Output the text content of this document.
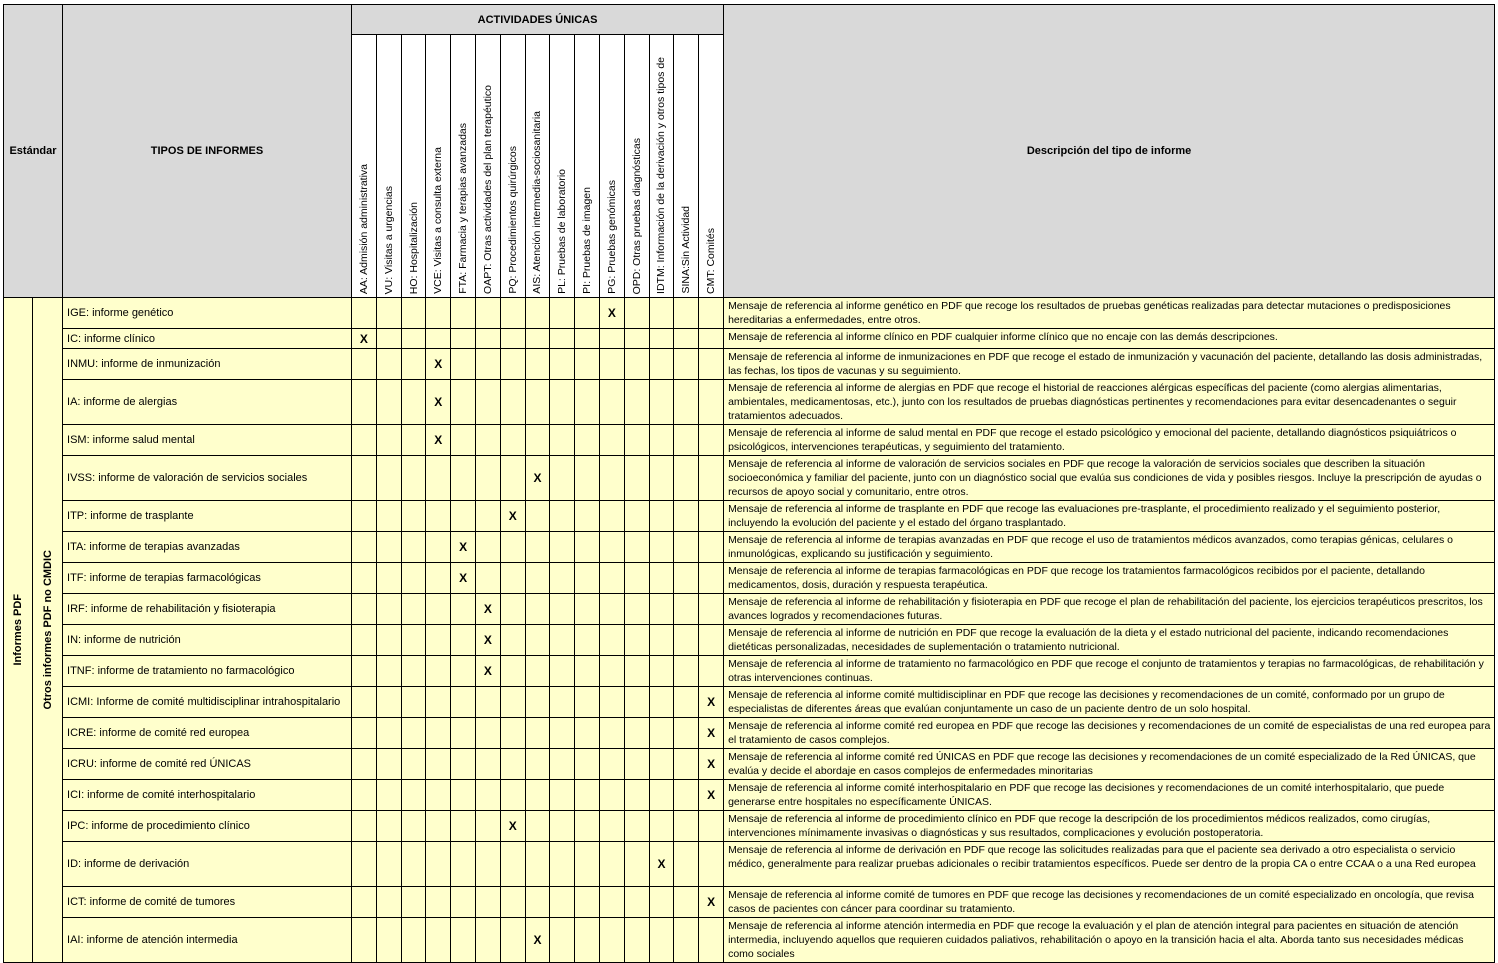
Estándar		TIPOS DE INFORMES	ACTIVIDADES ÚNICAS															Descripción del tipo de informe

			AA: Admisión administrativa	VU: Visitas a urgencias	HO: Hospitalización	VCE: Visitas a consulta externa	FTA: Farmacia y terapias avanzadas	OAPT: Otras actividades del plan terapéutico	PQ: Procedimientos quirúrgicos	AIS: Atención intermedia-sociosanitaria	PL: Pruebas de laboratorio	PI: Pruebas de imagen	PG: Pruebas genómicas	OPD: Otras pruebas diagnósticas	IDTM: Información de la derivación y otros tipos de	SINA:Sin Actividad	CMT: Comités	

Informes PDF	Otros informes PDF no CMDIC	IGE: informe genético											X					Mensaje de referencia al informe genético en PDF que recoge los resultados de pruebas genéticas realizadas para detectar mutaciones o predisposiciones hereditarias a enfermedades, entre otros.
		IC: informe clínico	X															Mensaje de referencia al informe clínico en PDF cualquier informe clínico que no encaje con las demás descripciones.
		INMU: informe de inmunización				X												Mensaje de referencia al informe de inmunizaciones en PDF que recoge el estado de inmunización y vacunación del paciente, detallando las dosis administradas, las fechas, los tipos de vacunas y su seguimiento.
		IA: informe de alergias				X												Mensaje de referencia al informe de alergias en PDF que recoge el historial de reacciones alérgicas específicas del paciente (como alergias alimentarias, ambientales, medicamentosas, etc.), junto con los resultados de pruebas diagnósticas pertinentes y recomendaciones para evitar desencadenantes o seguir tratamientos adecuados.
		ISM: informe salud mental				X												Mensaje de referencia al informe de salud mental en PDF que recoge el estado psicológico y emocional del paciente, detallando diagnósticos psiquiátricos o psicológicos, intervenciones terapéuticas, y seguimiento del tratamiento.
		IVSS: informe de valoración de servicios sociales								X								Mensaje de referencia al informe de valoración de servicios sociales en PDF que recoge la valoración de servicios sociales que describen la situación socioeconómica y familiar del paciente, junto con un diagnóstico social que evalúa sus condiciones de vida y posibles riesgos. Incluye la prescripción de ayudas o recursos de apoyo social y comunitario, entre otros.
		ITP: informe de trasplante							X									Mensaje de referencia al informe de trasplante en PDF que recoge las evaluaciones pre-trasplante, el procedimiento realizado y el seguimiento posterior, incluyendo la evolución del paciente y el estado del órgano trasplantado.
		ITA: informe de terapias avanzadas					X											Mensaje de referencia al informe de terapias avanzadas en PDF que recoge el uso de tratamientos médicos avanzados, como terapias génicas, celulares o inmunológicas, explicando su justificación y seguimiento.
		ITF: informe de terapias farmacológicas					X											Mensaje de referencia al informe de terapias farmacológicas en PDF que recoge los tratamientos farmacológicos recibidos por el paciente, detallando medicamentos, dosis, duración y respuesta terapéutica.
		IRF: informe de rehabilitación y fisioterapia						X										Mensaje de referencia al informe de rehabilitación y fisioterapia en PDF que recoge el plan de rehabilitación del paciente, los ejercicios terapéuticos prescritos, los avances logrados y recomendaciones futuras.
		IN: informe de nutrición						X										Mensaje de referencia al informe de nutrición en PDF que recoge la evaluación de la dieta y el estado nutricional del paciente, indicando recomendaciones dietéticas personalizadas, necesidades de suplementación o tratamiento nutricional.
		ITNF: informe de tratamiento no farmacológico						X										Mensaje de referencia al informe de tratamiento no farmacológico en PDF que recoge el conjunto de tratamientos y terapias no farmacológicas, de rehabilitación y otras intervenciones continuas.
		ICMI: Informe de comité multidisciplinar intrahospitalario															X	Mensaje de referencia al informe comité multidisciplinar en PDF que recoge las decisiones y recomendaciones de un comité, conformado por un grupo de especialistas de diferentes áreas que evalúan conjuntamente un caso de un paciente dentro de un solo hospital.
		ICRE: informe de comité red europea															X	Mensaje de referencia al informe comité red europea en PDF que recoge las decisiones y recomendaciones de un comité de especialistas de una red europea para el tratamiento de casos complejos.
		ICRU: informe de comité red ÚNICAS															X	Mensaje de referencia al informe comité red ÚNICAS en PDF que recoge las decisiones y recomendaciones de un comité especializado de la Red ÚNICAS, que evalúa y decide el abordaje en casos complejos de enfermedades minoritarias
		ICI: informe de comité interhospitalario															X	Mensaje de referencia al informe comité interhospitalario en PDF que recoge las decisiones y recomendaciones de un comité interhospitalario, que puede generarse entre hospitales no específicamente ÚNICAS.
		IPC: informe de procedimiento clínico							X									Mensaje de referencia al informe de procedimiento clínico en PDF que recoge la descripción de los procedimientos médicos realizados, como cirugías, intervenciones mínimamente invasivas o diagnósticas y sus resultados, complicaciones y evolución postoperatoria.
		ID: informe de derivación													X			Mensaje de referencia al informe de derivación en PDF que recoge las solicitudes realizadas para que el paciente sea derivado a otro especialista o servicio médico, generalmente para realizar pruebas adicionales o recibir tratamientos específicos. Puede ser dentro de la propia CA o entre CCAA o a una Red europea
		ICT: informe de comité de tumores															X	Mensaje de referencia al informe comité de tumores en PDF que recoge las decisiones y recomendaciones de un comité especializado en oncología, que revisa casos de pacientes con cáncer para coordinar su tratamiento.
		IAI: informe de atención intermedia								X								Mensaje de referencia al informe atención intermedia en PDF que recoge la evaluación y el plan de atención integral para pacientes en situación de atención intermedia, incluyendo aquellos que requieren cuidados paliativos, rehabilitación o apoyo en la transición hacia el alta. Aborda tanto sus necesidades médicas como sociales
